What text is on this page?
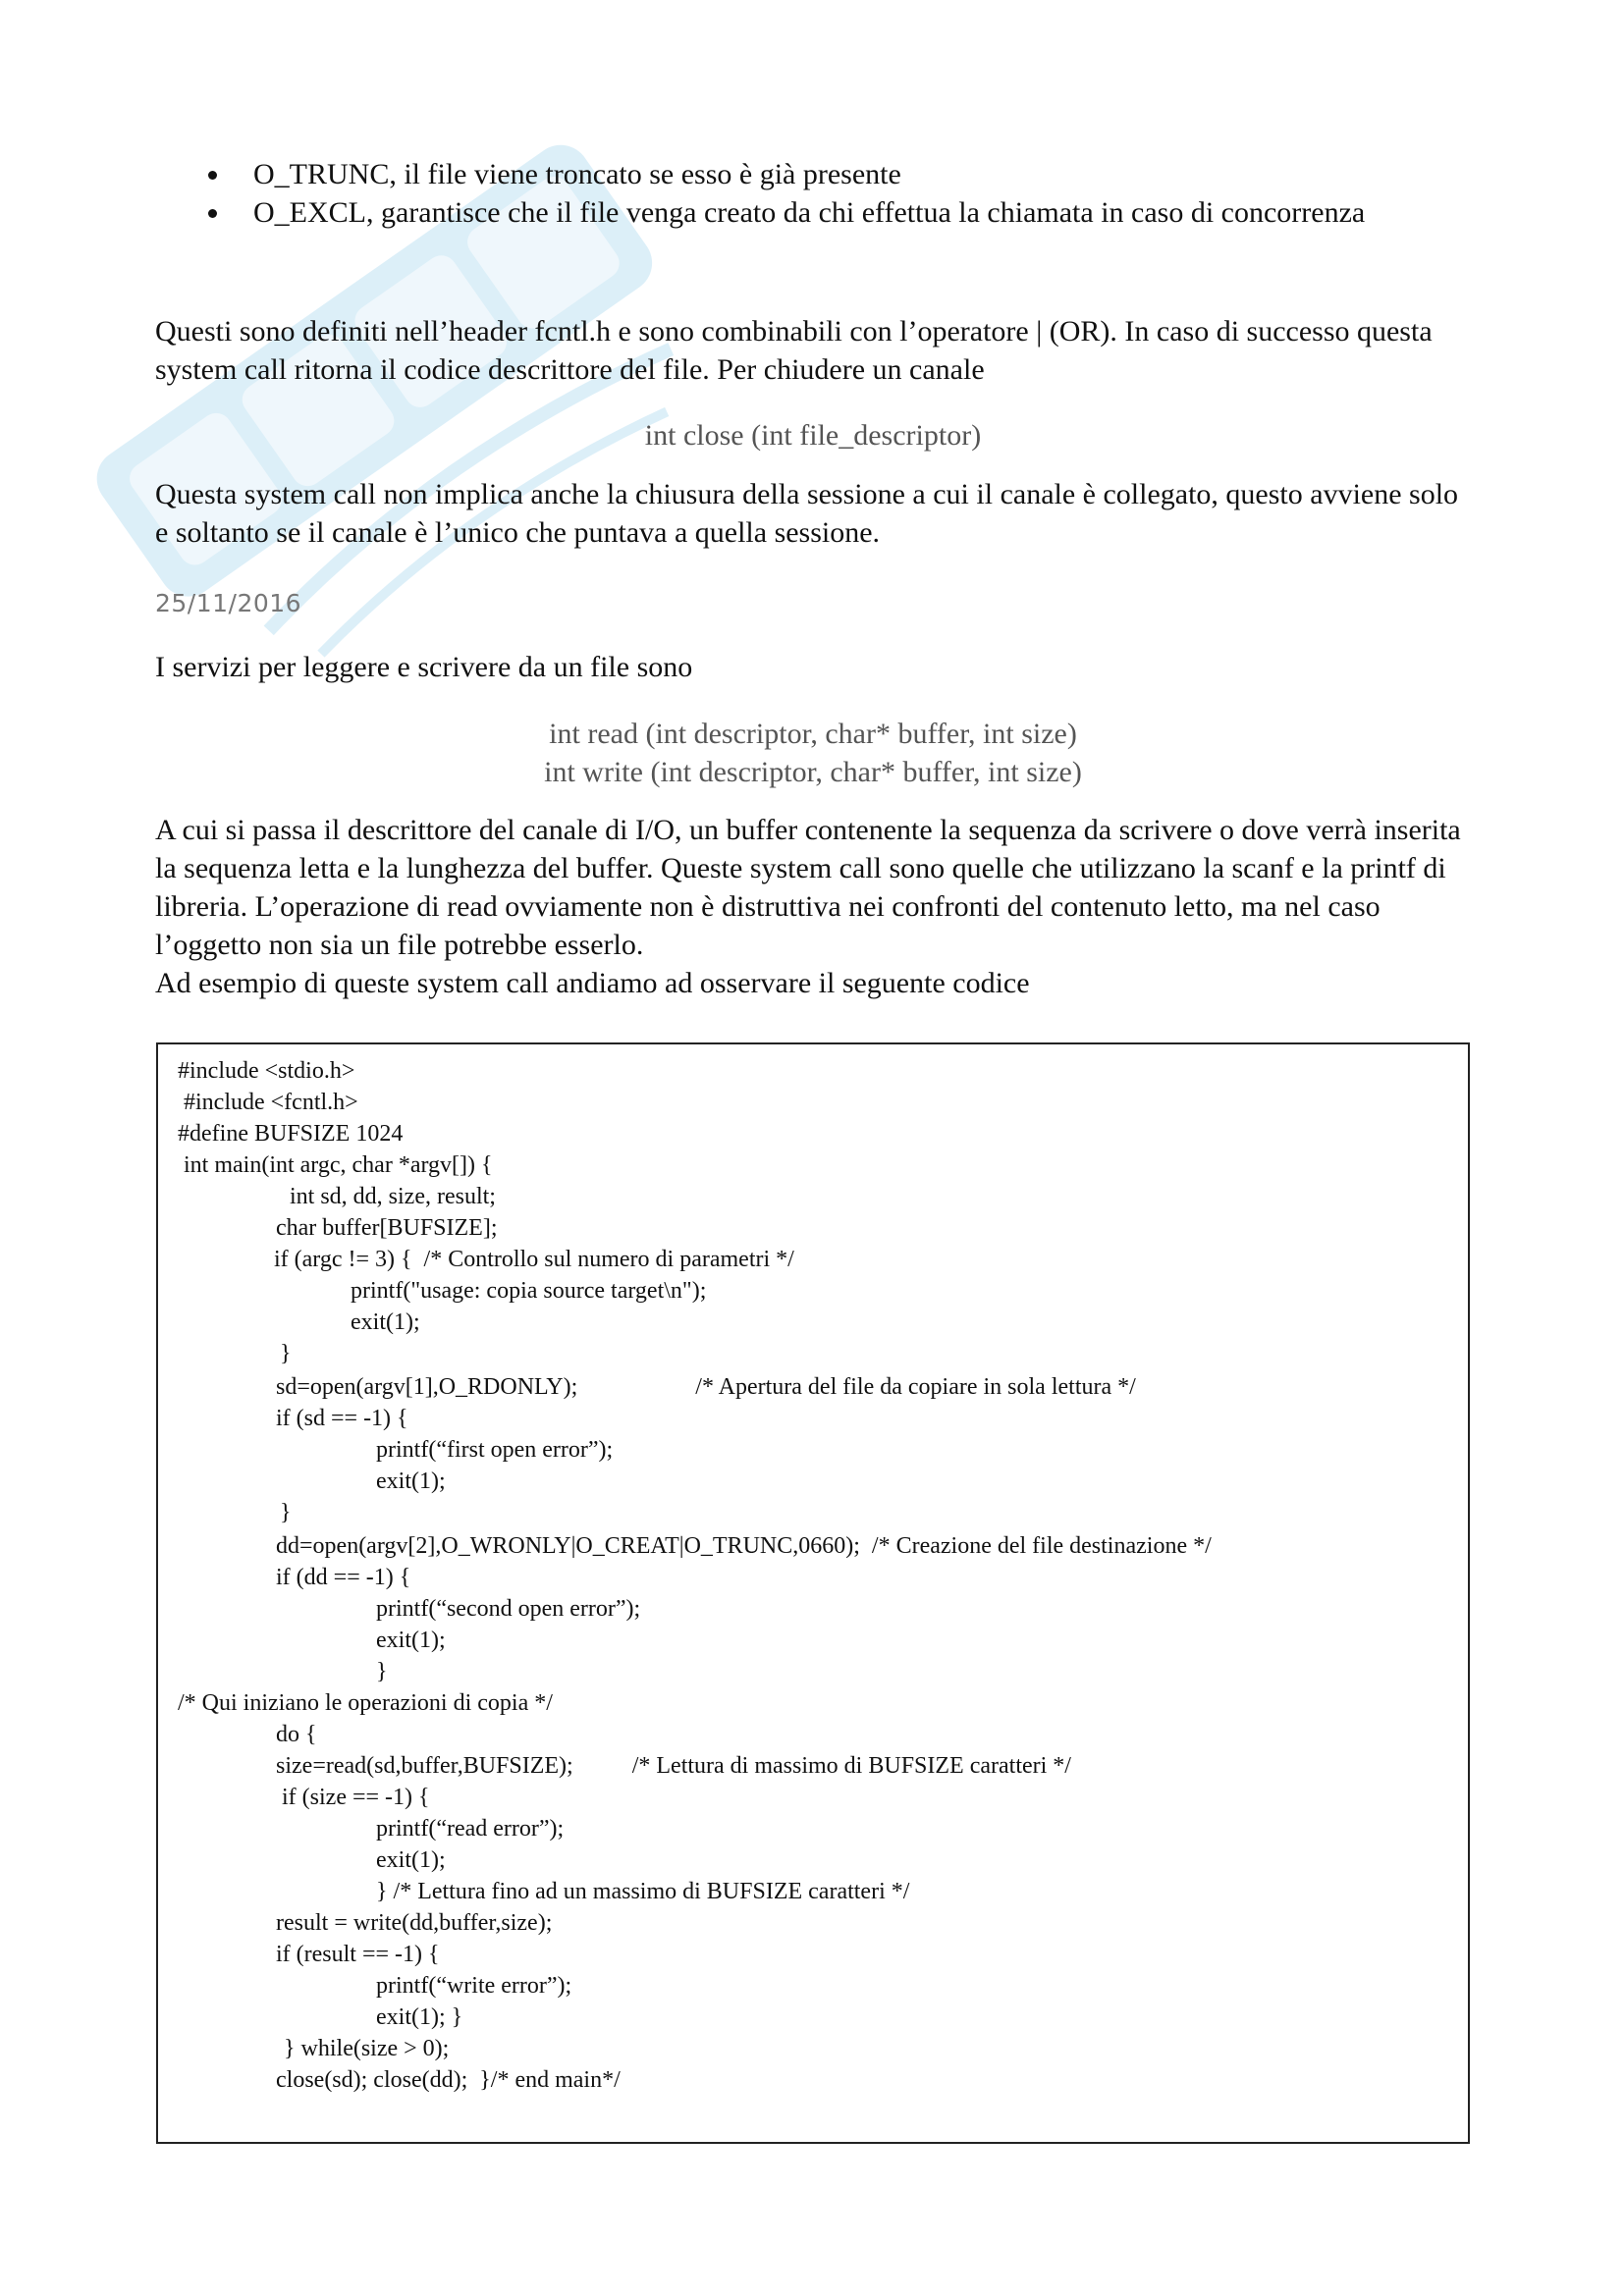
O_TRUNC, il file viene troncato se esso è già presente
O_EXCL, garantisce che il file venga creato da chi effettua la chiamata in caso di concorrenza

Questi sono definiti nell’header fcntl.h e sono combinabili con l’operatore | (OR). In caso di successo questa system call ritorna il codice descrittore del file. Per chiudere un canale

int close (int file_descriptor)

Questa system call non implica anche la chiusura della sessione a cui il canale è collegato, questo avviene solo e soltanto se il canale è l’unico che puntava a quella sessione.

25/11/2016

I servizi per leggere e scrivere da un file sono

int read (int descriptor, char* buffer, int size)
int write (int descriptor, char* buffer, int size)

A cui si passa il descrittore del canale di I/O, un buffer contenente la sequenza da scrivere o dove verrà inserita la sequenza letta e la lunghezza del buffer. Queste system call sono quelle che utilizzano la scanf e la printf di libreria. L’operazione di read ovviamente non è distruttiva nei confronti del contenuto letto, ma nel caso l’oggetto non sia un file potrebbe esserlo.

Ad esempio di queste system call andiamo ad osservare il seguente codice

#include <stdio.h>
#include <fcntl.h>
#define BUFSIZE 1024
int main(int argc, char *argv[]) {
int sd, dd, size, result;
char buffer[BUFSIZE];
if (argc != 3) {  /* Controllo sul numero di parametri */
printf("usage: copia source target\n");
exit(1);
}
sd=open(argv[1],O_RDONLY);                    /* Apertura del file da copiare in sola lettura */
if (sd == -1) {
printf(“first open error”);
exit(1);
}
dd=open(argv[2],O_WRONLY|O_CREAT|O_TRUNC,0660);  /* Creazione del file destinazione */
if (dd == -1) {
printf(“second open error”);
exit(1);
}
/* Qui iniziano le operazioni di copia */
do {
size=read(sd,buffer,BUFSIZE);          /* Lettura di massimo di BUFSIZE caratteri */
if (size == -1) {
printf(“read error”);
exit(1);
} /* Lettura fino ad un massimo di BUFSIZE caratteri */
result = write(dd,buffer,size);
if (result == -1) {
printf(“write error”);
exit(1); }
} while(size > 0);
close(sd); close(dd);  }/* end main*/
